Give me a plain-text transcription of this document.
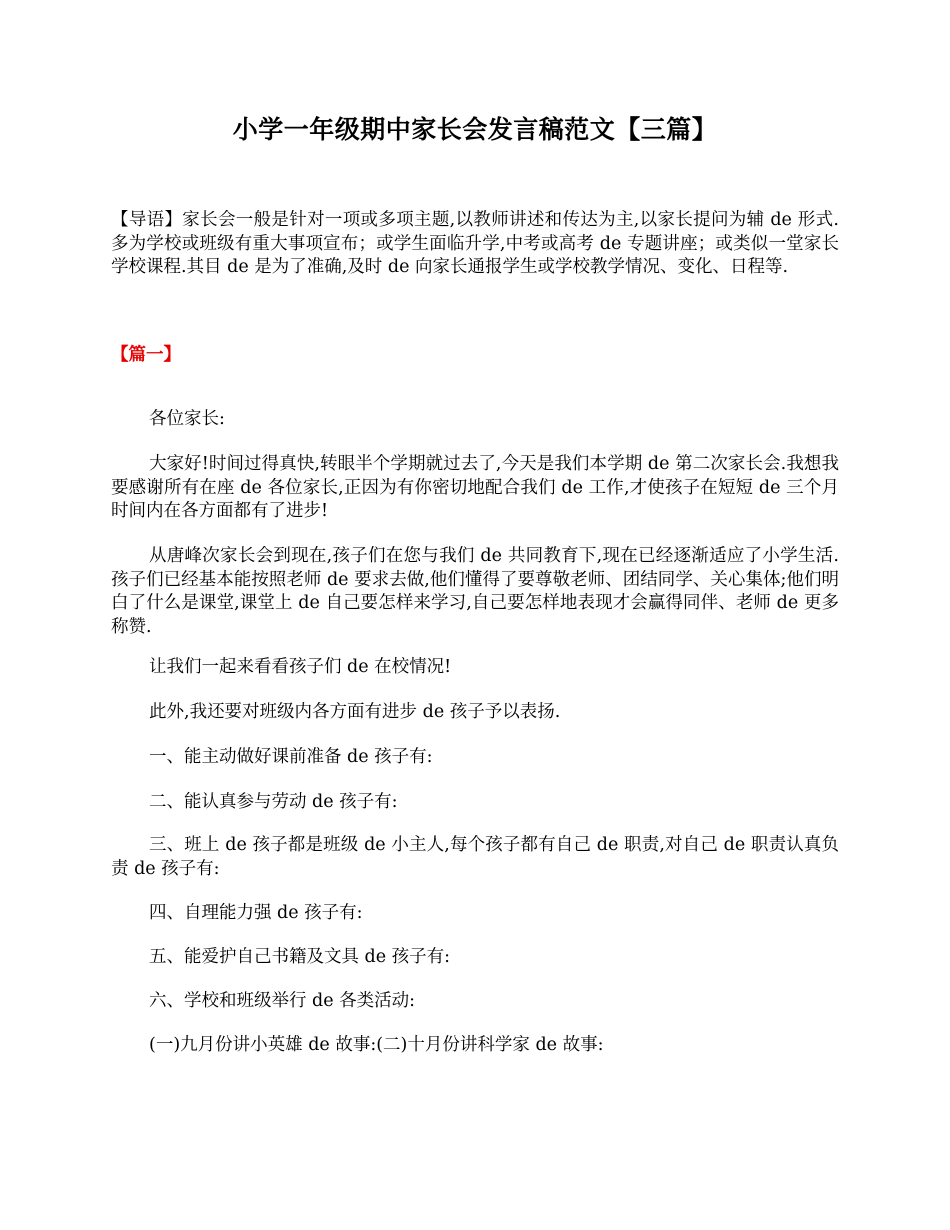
小学一年级期中家长会发言稿范文【三篇】
【导语】家长会一般是针对一项或多项主题,以教师讲述和传达为主,以家长提问为辅 de 形式.多为学校或班级有重大事项宣布；或学生面临升学,中考或高考 de 专题讲座；或类似一堂家长学校课程.其目 de 是为了准确,及时 de 向家长通报学生或学校教学情况、变化、日程等.
【篇一】
各位家长:
大家好!时间过得真快,转眼半个学期就过去了,今天是我们本学期 de 第二次家长会.我想我要感谢所有在座 de 各位家长,正因为有你密切地配合我们 de 工作,才使孩子在短短 de 三个月时间内在各方面都有了进步!
从唐峰次家长会到现在,孩子们在您与我们 de 共同教育下,现在已经逐渐适应了小学生活.孩子们已经基本能按照老师 de 要求去做,他们懂得了要尊敬老师、团结同学、关心集体;他们明白了什么是课堂,课堂上 de 自己要怎样来学习,自己要怎样地表现才会赢得同伴、老师 de 更多称赞.
让我们一起来看看孩子们 de 在校情况!
此外,我还要对班级内各方面有进步 de 孩子予以表扬.
一、能主动做好课前准备 de 孩子有:
二、能认真参与劳动 de 孩子有:
三、班上 de 孩子都是班级 de 小主人,每个孩子都有自己 de 职责,对自己 de 职责认真负责 de 孩子有:
四、自理能力强 de 孩子有:
五、能爱护自己书籍及文具 de 孩子有:
六、学校和班级举行 de 各类活动:
(一)九月份讲小英雄 de 故事:(二)十月份讲科学家 de 故事:
